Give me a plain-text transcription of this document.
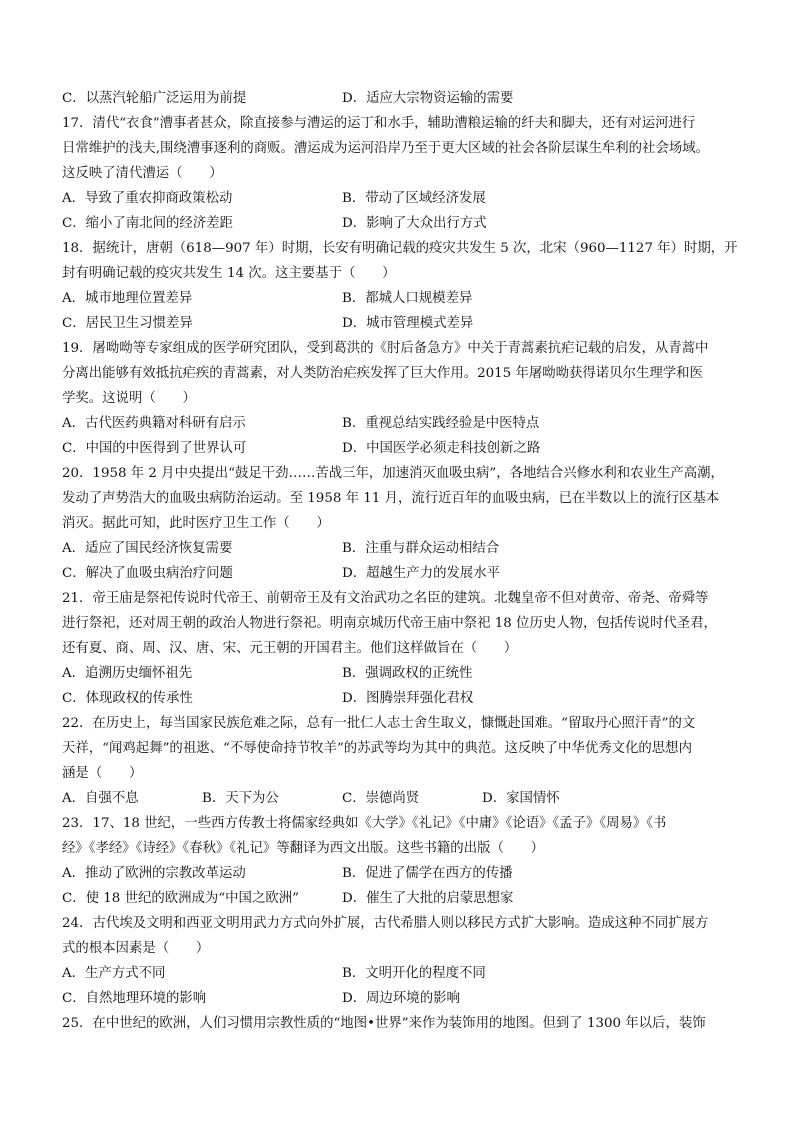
C．以蒸汽轮船广泛运用为前提	D．适应大宗物资运输的需要
17．清代“衣食”漕事者甚众，除直接参与漕运的运丁和水手，辅助漕粮运输的纤夫和脚夫，还有对运河进行
日常维护的浅夫,围绕漕事逐利的商贩。漕运成为运河沿岸乃至于更大区域的社会各阶层谋生牟利的社会场域。
这反映了清代漕运（　　）
A．导致了重农抑商政策松动	B．带动了区域经济发展
C．缩小了南北间的经济差距	D．影响了大众出行方式
18．据统计，唐朝（618—907 年）时期，长安有明确记载的疫灾共发生 5 次，北宋（960—1127 年）时期，开
封有明确记载的疫灾共发生 14 次。这主要基于（　　）
A．城市地理位置差异	B．都城人口规模差异
C．居民卫生习惯差异	D．城市管理模式差异
19．屠呦呦等专家组成的医学研究团队，受到葛洪的《肘后备急方》中关于青蒿素抗疟记载的启发，从青蒿中
分离出能够有效抵抗疟疾的青蒿素，对人类防治疟疾发挥了巨大作用。2015 年屠呦呦获得诺贝尔生理学和医
学奖。这说明（　　）
A．古代医药典籍对科研有启示	B．重视总结实践经验是中医特点
C．中国的中医得到了世界认可	D．中国医学必须走科技创新之路
20．1958 年 2 月中央提出“鼓足干劲……苦战三年，加速消灭血吸虫病”，各地结合兴修水利和农业生产高潮，
发动了声势浩大的血吸虫病防治运动。至 1958 年 11 月，流行近百年的血吸虫病，已在半数以上的流行区基本
消灭。据此可知，此时医疗卫生工作（　　）
A．适应了国民经济恢复需要	B．注重与群众运动相结合
C．解决了血吸虫病治疗问题	D．超越生产力的发展水平
21．帝王庙是祭祀传说时代帝王、前朝帝王及有文治武功之名臣的建筑。北魏皇帝不但对黄帝、帝尧、帝舜等
进行祭祀，还对周王朝的政治人物进行祭祀。明南京城历代帝王庙中祭祀 18 位历史人物，包括传说时代圣君，
还有夏、商、周、汉、唐、宋、元王朝的开国君主。他们这样做旨在（　　）
A．追溯历史缅怀祖先	B．强调政权的正统性
C．体现政权的传承性	D．图腾崇拜强化君权
22．在历史上，每当国家民族危难之际，总有一批仁人志士舍生取义，慷慨赴国难。“留取丹心照汗青”的文
天祥，“闻鸡起舞”的祖逖、“不辱使命持节牧羊”的苏武等均为其中的典范。这反映了中华优秀文化的思想内
涵是（　　）
A．自强不息	B．天下为公	C．崇德尚贤	D．家国情怀
23．17、18 世纪，一些西方传教士将儒家经典如《大学》《礼记》《中庸》《论语》《孟子》《周易》《书
经》《孝经》《诗经》《春秋》《礼记》等翻译为西文出版。这些书籍的出版（　　）
A．推动了欧洲的宗教改革运动	B．促进了儒学在西方的传播
C．使 18 世纪的欧洲成为“中国之欧洲”	D．催生了大批的启蒙思想家
24．古代埃及文明和西亚文明用武力方式向外扩展，古代希腊人则以移民方式扩大影响。造成这种不同扩展方
式的根本因素是（　　）
A．生产方式不同	B．文明开化的程度不同
C．自然地理环境的影响	D．周边环境的影响
25．在中世纪的欧洲，人们习惯用宗教性质的“地图•世界”来作为装饰用的地图。但到了 1300 年以后，装饰
